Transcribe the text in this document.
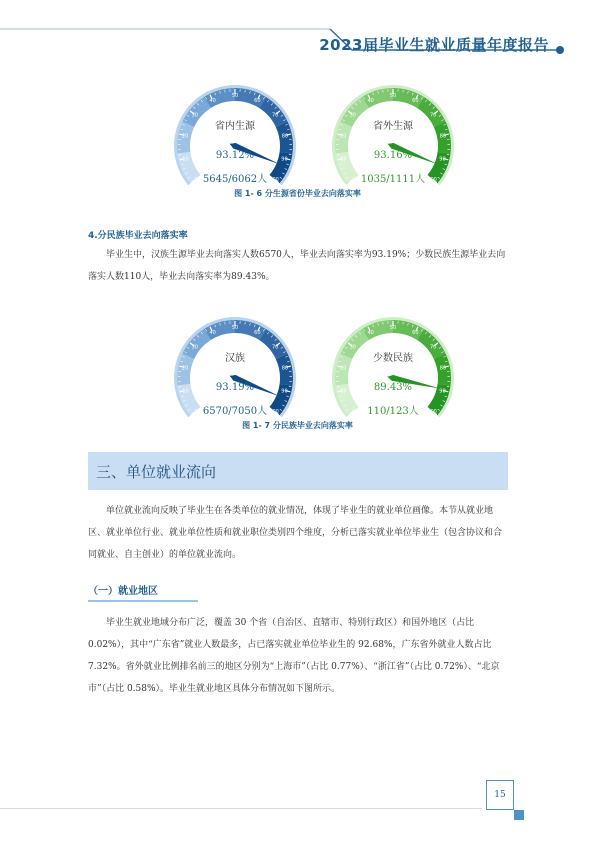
2023届毕业生就业质量年度报告
0
10
20
30
40
50
60
70
80
90
100
省内生源
93.12%
5645/6062人	0
10
20
30
40
50
60
70
80
90
100
省外生源
93.16%
1035/1111人
图 1- 6 分生源省份毕业去向落实率
4.分民族毕业去向落实率

毕业生中，汉族生源毕业去向落实人数6570人，毕业去向落实率为93.19%；少数民族生源毕业去向落实人数110人，毕业去向落实率为89.43%。

0
10
20
30
40
50
60
70
80
90
100
汉族
93.19%
6570/7050人	0
10
20
30
40
50
60
70
80
90
100
少数民族
89.43%
110/123人
图 1- 7 分民族毕业去向落实率
三、单位就业流向

单位就业流向反映了毕业生在各类单位的就业情况，体现了毕业生的就业单位画像。本节从就业地区、就业单位行业、就业单位性质和就业职位类别四个维度，分析已落实就业单位毕业生（包含协议和合同就业、自主创业）的单位就业流向。

（一）就业地区

毕业生就业地域分布广泛，覆盖 30 个省（自治区、直辖市、特别行政区）和国外地区（占比 0.02%），其中“广东省”就业人数最多，占已落实就业单位毕业生的 92.68%，广东省外就业人数占比 7.32%。省外就业比例排名前三的地区分别为“上海市”（占比 0.77%）、“浙江省”（占比 0.72%）、“北京市”（占比 0.58%）。毕业生就业地区具体分布情况如下图所示。

15
